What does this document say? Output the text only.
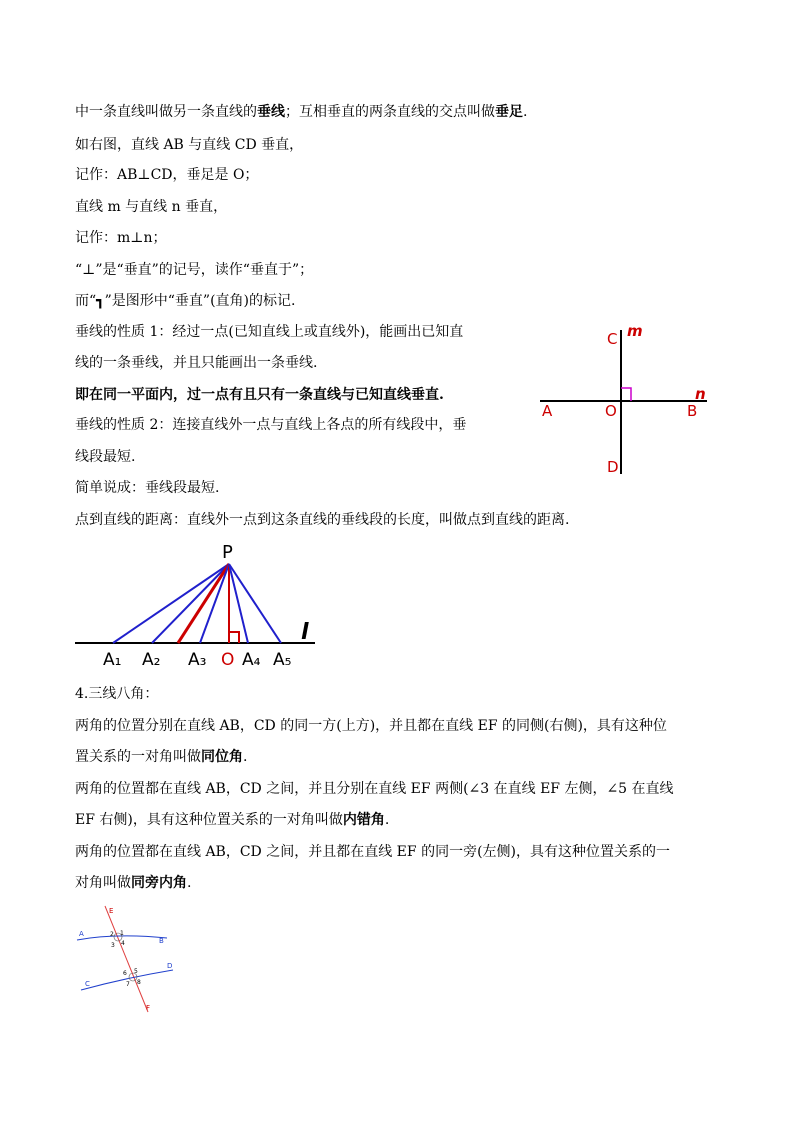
中一条直线叫做另一条直线的垂线；互相垂直的两条直线的交点叫做垂足.
如右图，直线 AB 与直线 CD 垂直，
记作：AB⊥CD，垂足是 O；
直线 m 与直线 n 垂直，
记作：m⊥n；
“⊥”是“垂直”的记号，读作“垂直于”；
而“┓”是图形中“垂直”(直角)的标记.
垂线的性质 1：经过一点(已知直线上或直线外)，能画出已知直
线的一条垂线，并且只能画出一条垂线.
即在同一平面内，过一点有且只有一条直线与已知直线垂直.
垂线的性质 2：连接直线外一点与直线上各点的所有线段中，垂
线段最短.
简单说成：垂线段最短.
点到直线的距离：直线外一点到这条直线的垂线段的长度，叫做点到直线的距离.
C m
A	O	B
n
D
P
l
A₁ A₂ A₃ O A₄ A₅
4.三线八角：
两角的位置分别在直线 AB，CD 的同一方(上方)，并且都在直线 EF 的同侧(右侧)，具有这种位
置关系的一对角叫做同位角.
两角的位置都在直线 AB，CD 之间，并且分别在直线 EF 两侧(∠3 在直线 EF 左侧，∠5 在直线
EF 右侧)，具有这种位置关系的一对角叫做内错角.
两角的位置都在直线 AB，CD 之间，并且都在直线 EF 的同一旁(左侧)，具有这种位置关系的一
对角叫做同旁内角.
E
F
A
B
C
D
1
2
3 4
5
6
7 8
